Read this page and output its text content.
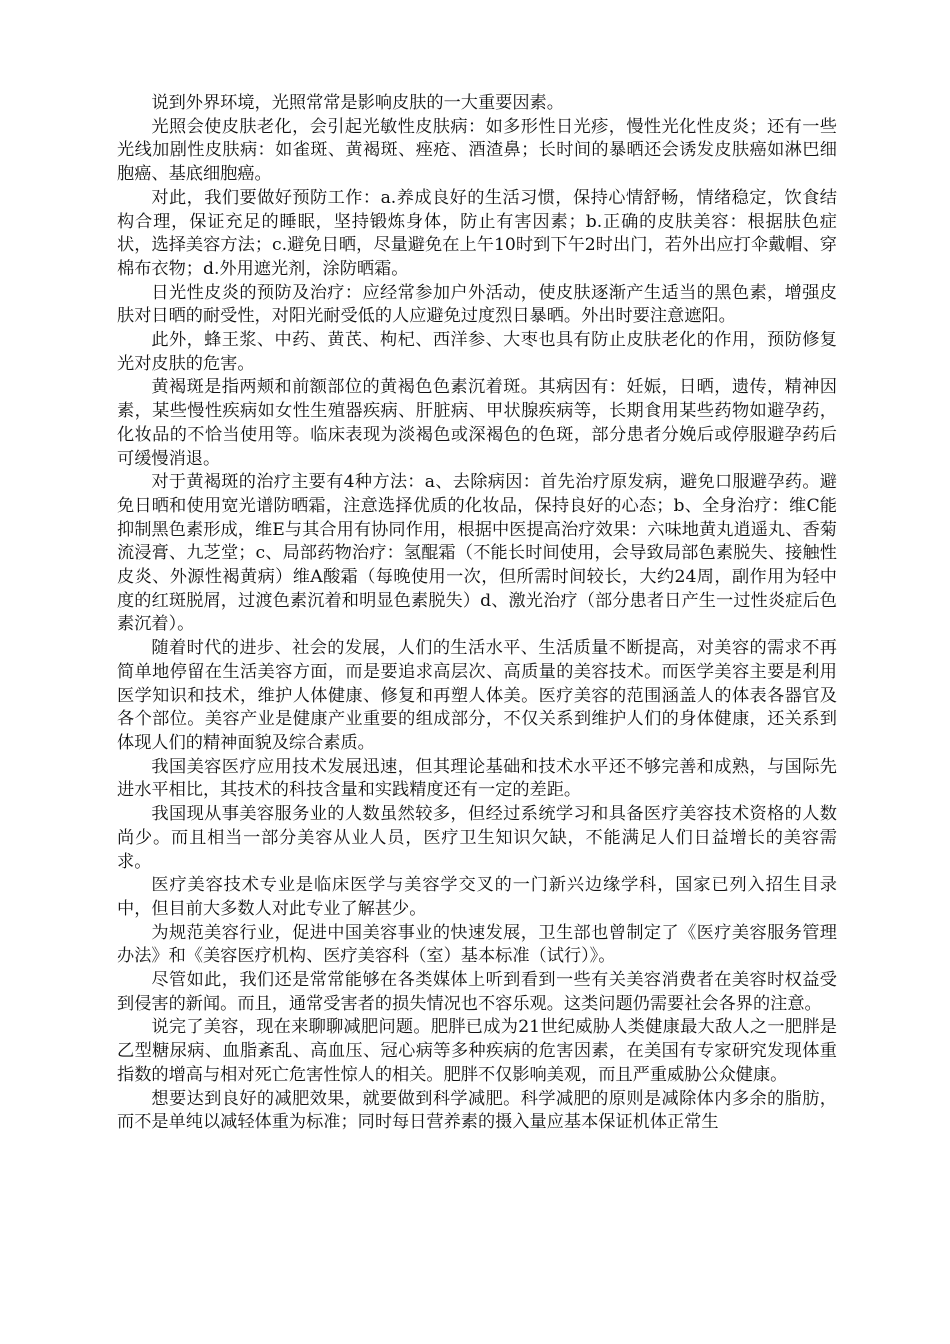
说到外界环境，光照常常是影响皮肤的一大重要因素。

光照会使皮肤老化，会引起光敏性皮肤病：如多形性日光疹，慢性光化性皮炎；还有一些光线加剧性皮肤病：如雀斑、黄褐斑、痤疮、酒渣鼻；长时间的暴晒还会诱发皮肤癌如淋巴细胞癌、基底细胞癌。

对此，我们要做好预防工作：a.养成良好的生活习惯，保持心情舒畅，情绪稳定，饮食结构合理，保证充足的睡眠，坚持锻炼身体，防止有害因素；b.正确的皮肤美容：根据肤色症状，选择美容方法；c.避免日晒，尽量避免在上午10时到下午2时出门，若外出应打伞戴帽、穿棉布衣物；d.外用遮光剂，涂防晒霜。

日光性皮炎的预防及治疗：应经常参加户外活动，使皮肤逐渐产生适当的黑色素，增强皮肤对日晒的耐受性，对阳光耐受低的人应避免过度烈日暴晒。外出时要注意遮阳。

此外，蜂王浆、中药、黄芪、枸杞、西洋参、大枣也具有防止皮肤老化的作用，预防修复光对皮肤的危害。

黄褐斑是指两颊和前额部位的黄褐色色素沉着斑。其病因有：妊娠，日晒，遗传，精神因素，某些慢性疾病如女性生殖器疾病、肝脏病、甲状腺疾病等，长期食用某些药物如避孕药，化妆品的不恰当使用等。临床表现为淡褐色或深褐色的色斑，部分患者分娩后或停服避孕药后可缓慢消退。

对于黄褐斑的治疗主要有4种方法：a、去除病因：首先治疗原发病，避免口服避孕药。避免日晒和使用宽光谱防晒霜，注意选择优质的化妆品，保持良好的心态；b、全身治疗：维C能抑制黑色素形成，维E与其合用有协同作用，根据中医提高治疗效果：六味地黄丸逍遥丸、香菊流浸膏、九芝堂；c、局部药物治疗：氢醌霜（不能长时间使用，会导致局部色素脱失、接触性皮炎、外源性褐黄病）维A酸霜（每晚使用一次，但所需时间较长，大约24周，副作用为轻中度的红斑脱屑，过渡色素沉着和明显色素脱失）d、激光治疗（部分患者日产生一过性炎症后色素沉着）。

随着时代的进步、社会的发展，人们的生活水平、生活质量不断提高，对美容的需求不再简单地停留在生活美容方面，而是要追求高层次、高质量的美容技术。而医学美容主要是利用医学知识和技术，维护人体健康、修复和再塑人体美。医疗美容的范围涵盖人的体表各器官及各个部位。美容产业是健康产业重要的组成部分，不仅关系到维护人们的身体健康，还关系到体现人们的精神面貌及综合素质。

我国美容医疗应用技术发展迅速，但其理论基础和技术水平还不够完善和成熟，与国际先进水平相比，其技术的科技含量和实践精度还有一定的差距。

我国现从事美容服务业的人数虽然较多，但经过系统学习和具备医疗美容技术资格的人数尚少。而且相当一部分美容从业人员，医疗卫生知识欠缺，不能满足人们日益增长的美容需求。

医疗美容技术专业是临床医学与美容学交叉的一门新兴边缘学科，国家已列入招生目录中，但目前大多数人对此专业了解甚少。

为规范美容行业，促进中国美容事业的快速发展，卫生部也曾制定了《医疗美容服务管理办法》和《美容医疗机构、医疗美容科（室）基本标准（试行）》。

尽管如此，我们还是常常能够在各类媒体上听到看到一些有关美容消费者在美容时权益受到侵害的新闻。而且，通常受害者的损失情况也不容乐观。这类问题仍需要社会各界的注意。

说完了美容，现在来聊聊减肥问题。肥胖已成为21世纪威胁人类健康最大敌人之一肥胖是乙型糖尿病、血脂紊乱、高血压、冠心病等多种疾病的危害因素，在美国有专家研究发现体重指数的增高与相对死亡危害性惊人的相关。肥胖不仅影响美观，而且严重威胁公众健康。

想要达到良好的减肥效果，就要做到科学减肥。科学减肥的原则是减除体内多余的脂肪，而不是单纯以减轻体重为标准；同时每日营养素的摄入量应基本保证机体正常生
